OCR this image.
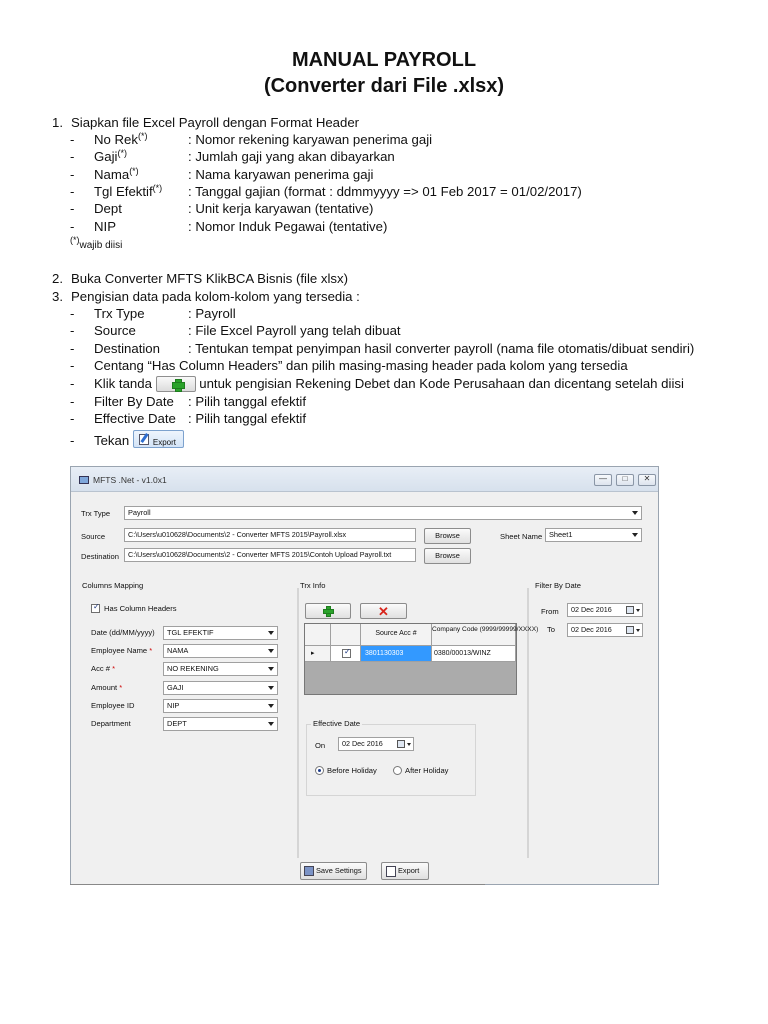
MANUAL PAYROLL
(Converter dari File .xlsx)
1. Siapkan file Excel Payroll dengan Format Header
- No Rek(*)	: Nomor rekening karyawan penerima gaji
- Gaji(*)	: Jumlah gaji yang akan dibayarkan
- Nama(*)	: Nama karyawan penerima gaji
- Tgl Efektif(*) : Tanggal gajian (format : ddmmyyyy => 01 Feb 2017 = 01/02/2017)
- Dept	: Unit kerja karyawan (tentative)
- NIP	: Nomor Induk Pegawai (tentative)
(*)wajib diisi
2. Buka Converter MFTS KlikBCA Bisnis (file xlsx)
3. Pengisian data pada kolom-kolom yang tersedia :
- Trx Type	: Payroll
- Source	: File Excel Payroll yang telah dibuat
- Destination : Tentukan tempat penyimpan hasil converter payroll (nama file otomatis/dibuat sendiri)
- Centang “Has Column Headers” dan pilih masing-masing header pada kolom yang tersedia
- Klik tanda	untuk pengisian Rekening Debet dan Kode Perusahaan dan dicentang setelah diisi
- Filter By Date : Pilih tanggal efektif
- Effective Date : Pilih tanggal efektif
- Tekan	Export
MFTS .Net - v1.0x1	—	□	✕
Trx Type	Payroll
Source	C:\Users\u010628\Documents\2 - Converter MFTS 2015\Payroll.xlsx	Browse	Sheet Name Sheet1
Destination	C:\Users\u010628\Documents\2 - Converter MFTS 2015\Contoh Upload Payroll.txt	Browse
Columns Mapping
✓
Has Column Headers
Date (dd/MM/yyyy)	TGL EFEKTIF
Employee Name *	NAMA
Acc # *	NO REKENING
Amount *	GAJI
Employee ID	NIP
Department	DEPT
Trx Info
✕
Source Acc #
Company Code (9999/99999/XXXX)
▸
✓	3801130303	0380/00013/WINZ
Effective Date
On	02 Dec 2016
Before Holiday	After Holiday
Filter By Date
From	02 Dec 2016
To	02 Dec 2016
Save Settings	Export
